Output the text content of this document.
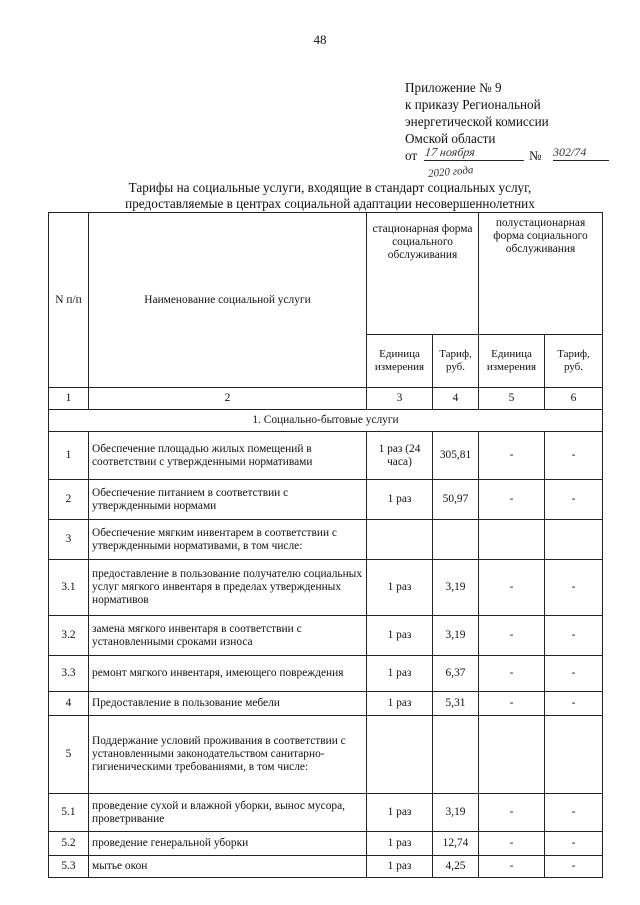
48
Приложение № 9
к приказу Региональной
энергетической комиссии
Омской области
от 17 ноября	№ 302/74
2020 года
Тарифы на социальные услуги, входящие в стандарт социальных услуг,
предоставляемые в центрах социальной адаптации несовершеннолетних
N п/п	Наименование социальной услуги	стационарная форма социального обслуживания		полустационарная форма социального обслуживания	
		Единица измерения	Тариф, руб.	Единица измерения	Тариф, руб.
1	2	3	4	5	6
1. Социально-бытовые услуги					
1	Обеспечение площадью жилых помещений в соответствии с утвержденными нормативами	1 раз (24 часа)	305,81	-	-
2	Обеспечение питанием в соответствии с утвержденными нормами	1 раз	50,97	-	-
3	Обеспечение мягким инвентарем в соответствии с утвержденными нормативами, в том числе:				
3.1	предоставление в пользование получателю социальных услуг мягкого инвентаря в пределах утвержденных нормативов	1 раз	3,19	-	-
3.2	замена мягкого инвентаря в соответствии с установленными сроками износа	1 раз	3,19	-	-
3.3	ремонт мягкого инвентаря, имеющего повреждения	1 раз	6,37	-	-
4	Предоставление в пользование мебели	1 раз	5,31	-	-
5	Поддержание условий проживания в соответствии с установленными законодательством санитарно-гигиеническими требованиями, в том числе:				
5.1	проведение сухой и влажной уборки, вынос мусора, проветривание	1 раз	3,19	-	-
5.2	проведение генеральной уборки	1 раз	12,74	-	-
5.3	мытье окон	1 раз	4,25	-	-
